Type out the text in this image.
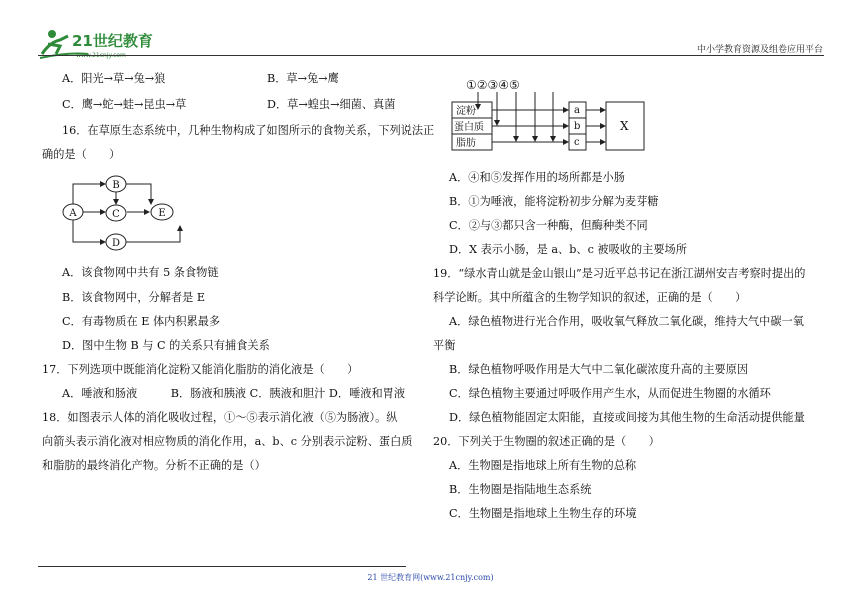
21世纪教育	中小学教育资源及组卷应用平台
A．阳光→草→兔→狼	B．草→兔→鹰
C．鹰→蛇→蛙→昆虫→草	D．草→蝗虫→细菌、真菌
16．在草原生态系统中，几种生物构成了如图所示的食物关系，下列说法正
确的是（　　）
A
B
C
D
E
A．该食物网中共有 5 条食物链
B．该食物网中，分解者是 E
C．有毒物质在 E 体内积累最多
D．图中生物 B 与 C 的关系只有捕食关系
17．下列选项中既能消化淀粉又能消化脂肪的消化液是（　　）
A．唾液和肠液　　　B．肠液和胰液 C．胰液和胆汁 D．唾液和胃液
18．如图表示人体的消化吸收过程，①～⑤表示消化液（⑤为肠液）。纵
向箭头表示消化液对相应物质的消化作用，a、b、c 分别表示淀粉、蛋白质
和脂肪的最终消化产物。分析不正确的是（）
①②③④⑤
淀粉
蛋白质
脂肪
a
b
c
X
A．④和⑤发挥作用的场所都是小肠
B．①为唾液，能将淀粉初步分解为麦芽糖
C．②与③都只含一种酶，但酶种类不同
D．X 表示小肠，是 a、b、c 被吸收的主要场所
19．“绿水青山就是金山银山”是习近平总书记在浙江湖州安吉考察时提出的
科学论断。其中所蕴含的生物学知识的叙述，正确的是（　　）
A．绿色植物进行光合作用，吸收氧气释放二氧化碳，维持大气中碳一氧
平衡
B．绿色植物呼吸作用是大气中二氧化碳浓度升高的主要原因
C．绿色植物主要通过呼吸作用产生水，从而促进生物圈的水循环
D．绿色植物能固定太阳能，直接或间接为其他生物的生命活动提供能量
20．下列关于生物圈的叙述正确的是（　　）
A．生物圈是指地球上所有生物的总称
B．生物圈是指陆地生态系统
C．生物圈是指地球上生物生存的环境
21 世纪教育网(www.21cnjy.com)
